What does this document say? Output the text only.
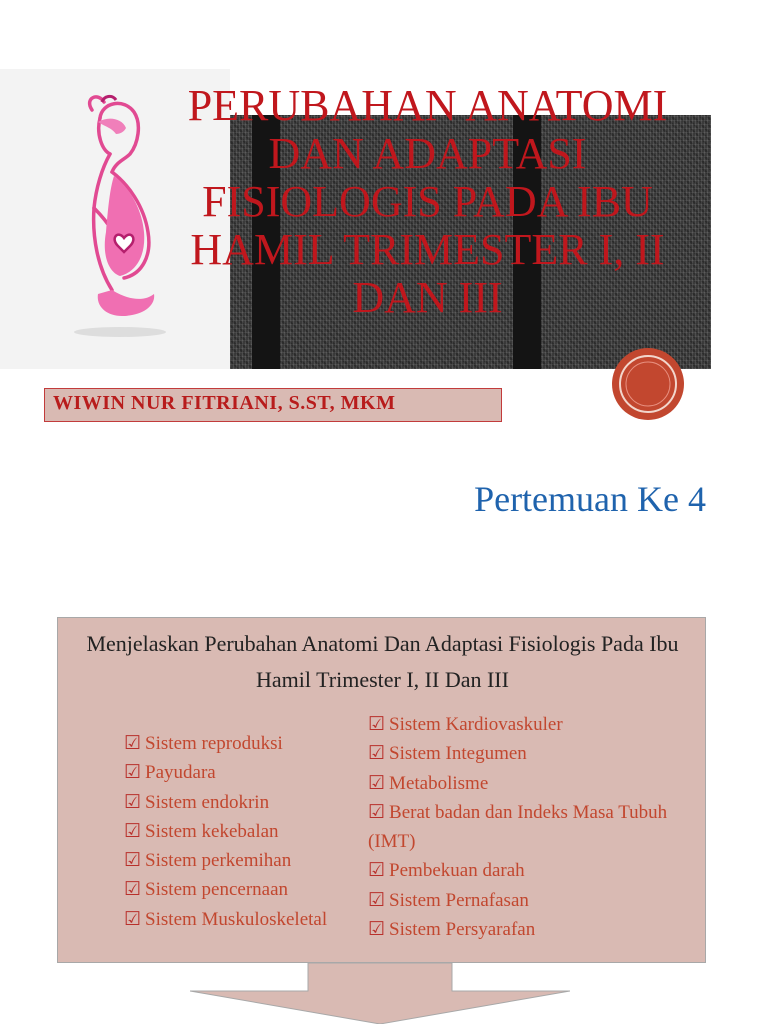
PERUBAHAN ANATOMI
DAN ADAPTASI
FISIOLOGIS PADA IBU
HAMIL TRIMESTER I, II
DAN III

WIWIN NUR FITRIANI, S.ST, MKM

Pertemuan Ke 4

Menjelaskan Perubahan Anatomi Dan Adaptasi Fisiologis Pada Ibu Hamil Trimester I, II Dan III

☑ Sistem reproduksi
☑ Payudara
☑ Sistem endokrin
☑ Sistem kekebalan
☑ Sistem perkemihan
☑ Sistem pencernaan
☑ Sistem Muskuloskeletal
☑ Sistem Kardiovaskuler
☑ Sistem Integumen
☑ Metabolisme
☑ Berat badan dan Indeks Masa Tubuh (IMT)
☑ Pembekuan darah
☑ Sistem Pernafasan
☑ Sistem Persyarafan
